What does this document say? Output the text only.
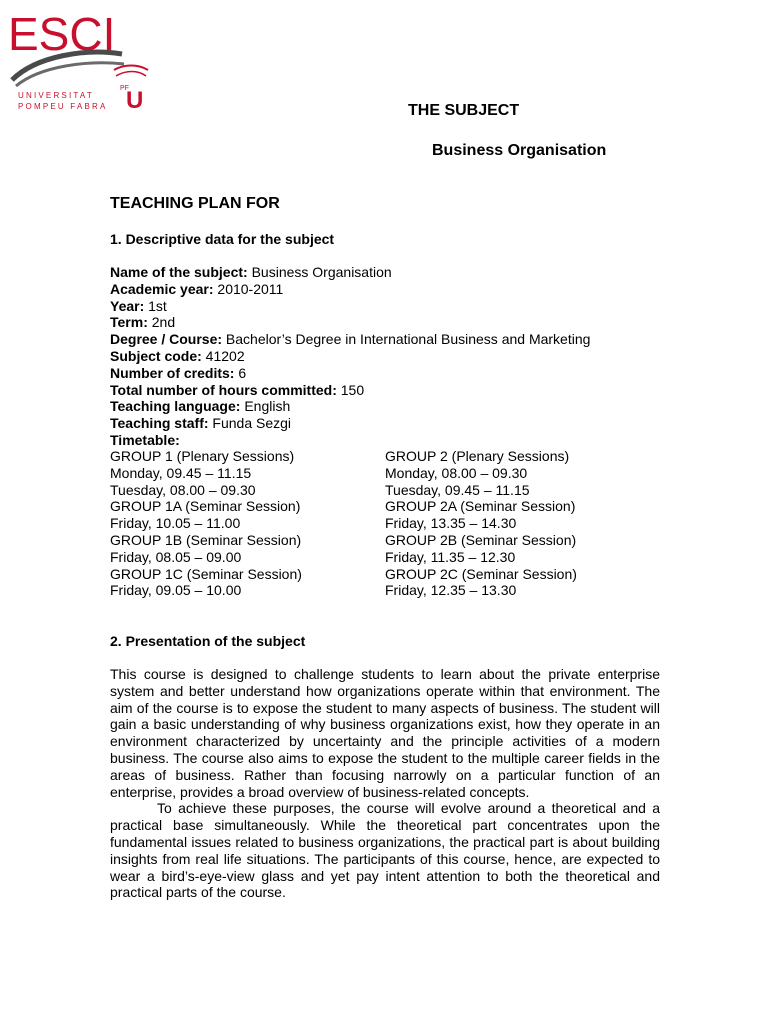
ESCI
UNIVERSITAT
POMPEU FABRA U
PF
THE SUBJECT
Business Organisation
TEACHING PLAN FOR
1. Descriptive data for the subject
Name of the subject: Business Organisation
Academic year: 2010-2011
Year: 1st
Term: 2nd
Degree / Course: Bachelor’s Degree in International Business and Marketing
Subject code: 41202
Number of credits: 6
Total number of hours committed: 150
Teaching language: English
Teaching staff: Funda Sezgi
Timetable:
GROUP 1 (Plenary Sessions)	GROUP 2 (Plenary Sessions)
Monday, 09.45 – 11.15	Monday, 08.00 – 09.30
Tuesday, 08.00 – 09.30	Tuesday, 09.45 – 11.15
GROUP 1A (Seminar Session)	GROUP 2A (Seminar Session)
Friday, 10.05 – 11.00	Friday, 13.35 – 14.30
GROUP 1B (Seminar Session)	GROUP 2B (Seminar Session)
Friday, 08.05 – 09.00	Friday, 11.35 – 12.30
GROUP 1C (Seminar Session)	GROUP 2C (Seminar Session)
Friday, 09.05 – 10.00	Friday, 12.35 – 13.30
2. Presentation of the subject

This course is designed to challenge students to learn about the private enterprise system and better understand how organizations operate within that environment. The aim of the course is to expose the student to many aspects of business. The student will gain a basic understanding of why business organizations exist, how they operate in an environment characterized by uncertainty and the principle activities of a modern business. The course also aims to expose the student to the multiple career fields in the areas of business. Rather than focusing narrowly on a particular function of an enterprise, provides a broad overview of business-related concepts.

To achieve these purposes, the course will evolve around a theoretical and a practical base simultaneously. While the theoretical part concentrates upon the fundamental issues related to business organizations, the practical part is about building insights from real life situations. The participants of this course, hence, are expected to wear a bird’s-eye-view glass and yet pay intent attention to both the theoretical and practical parts of the course.
